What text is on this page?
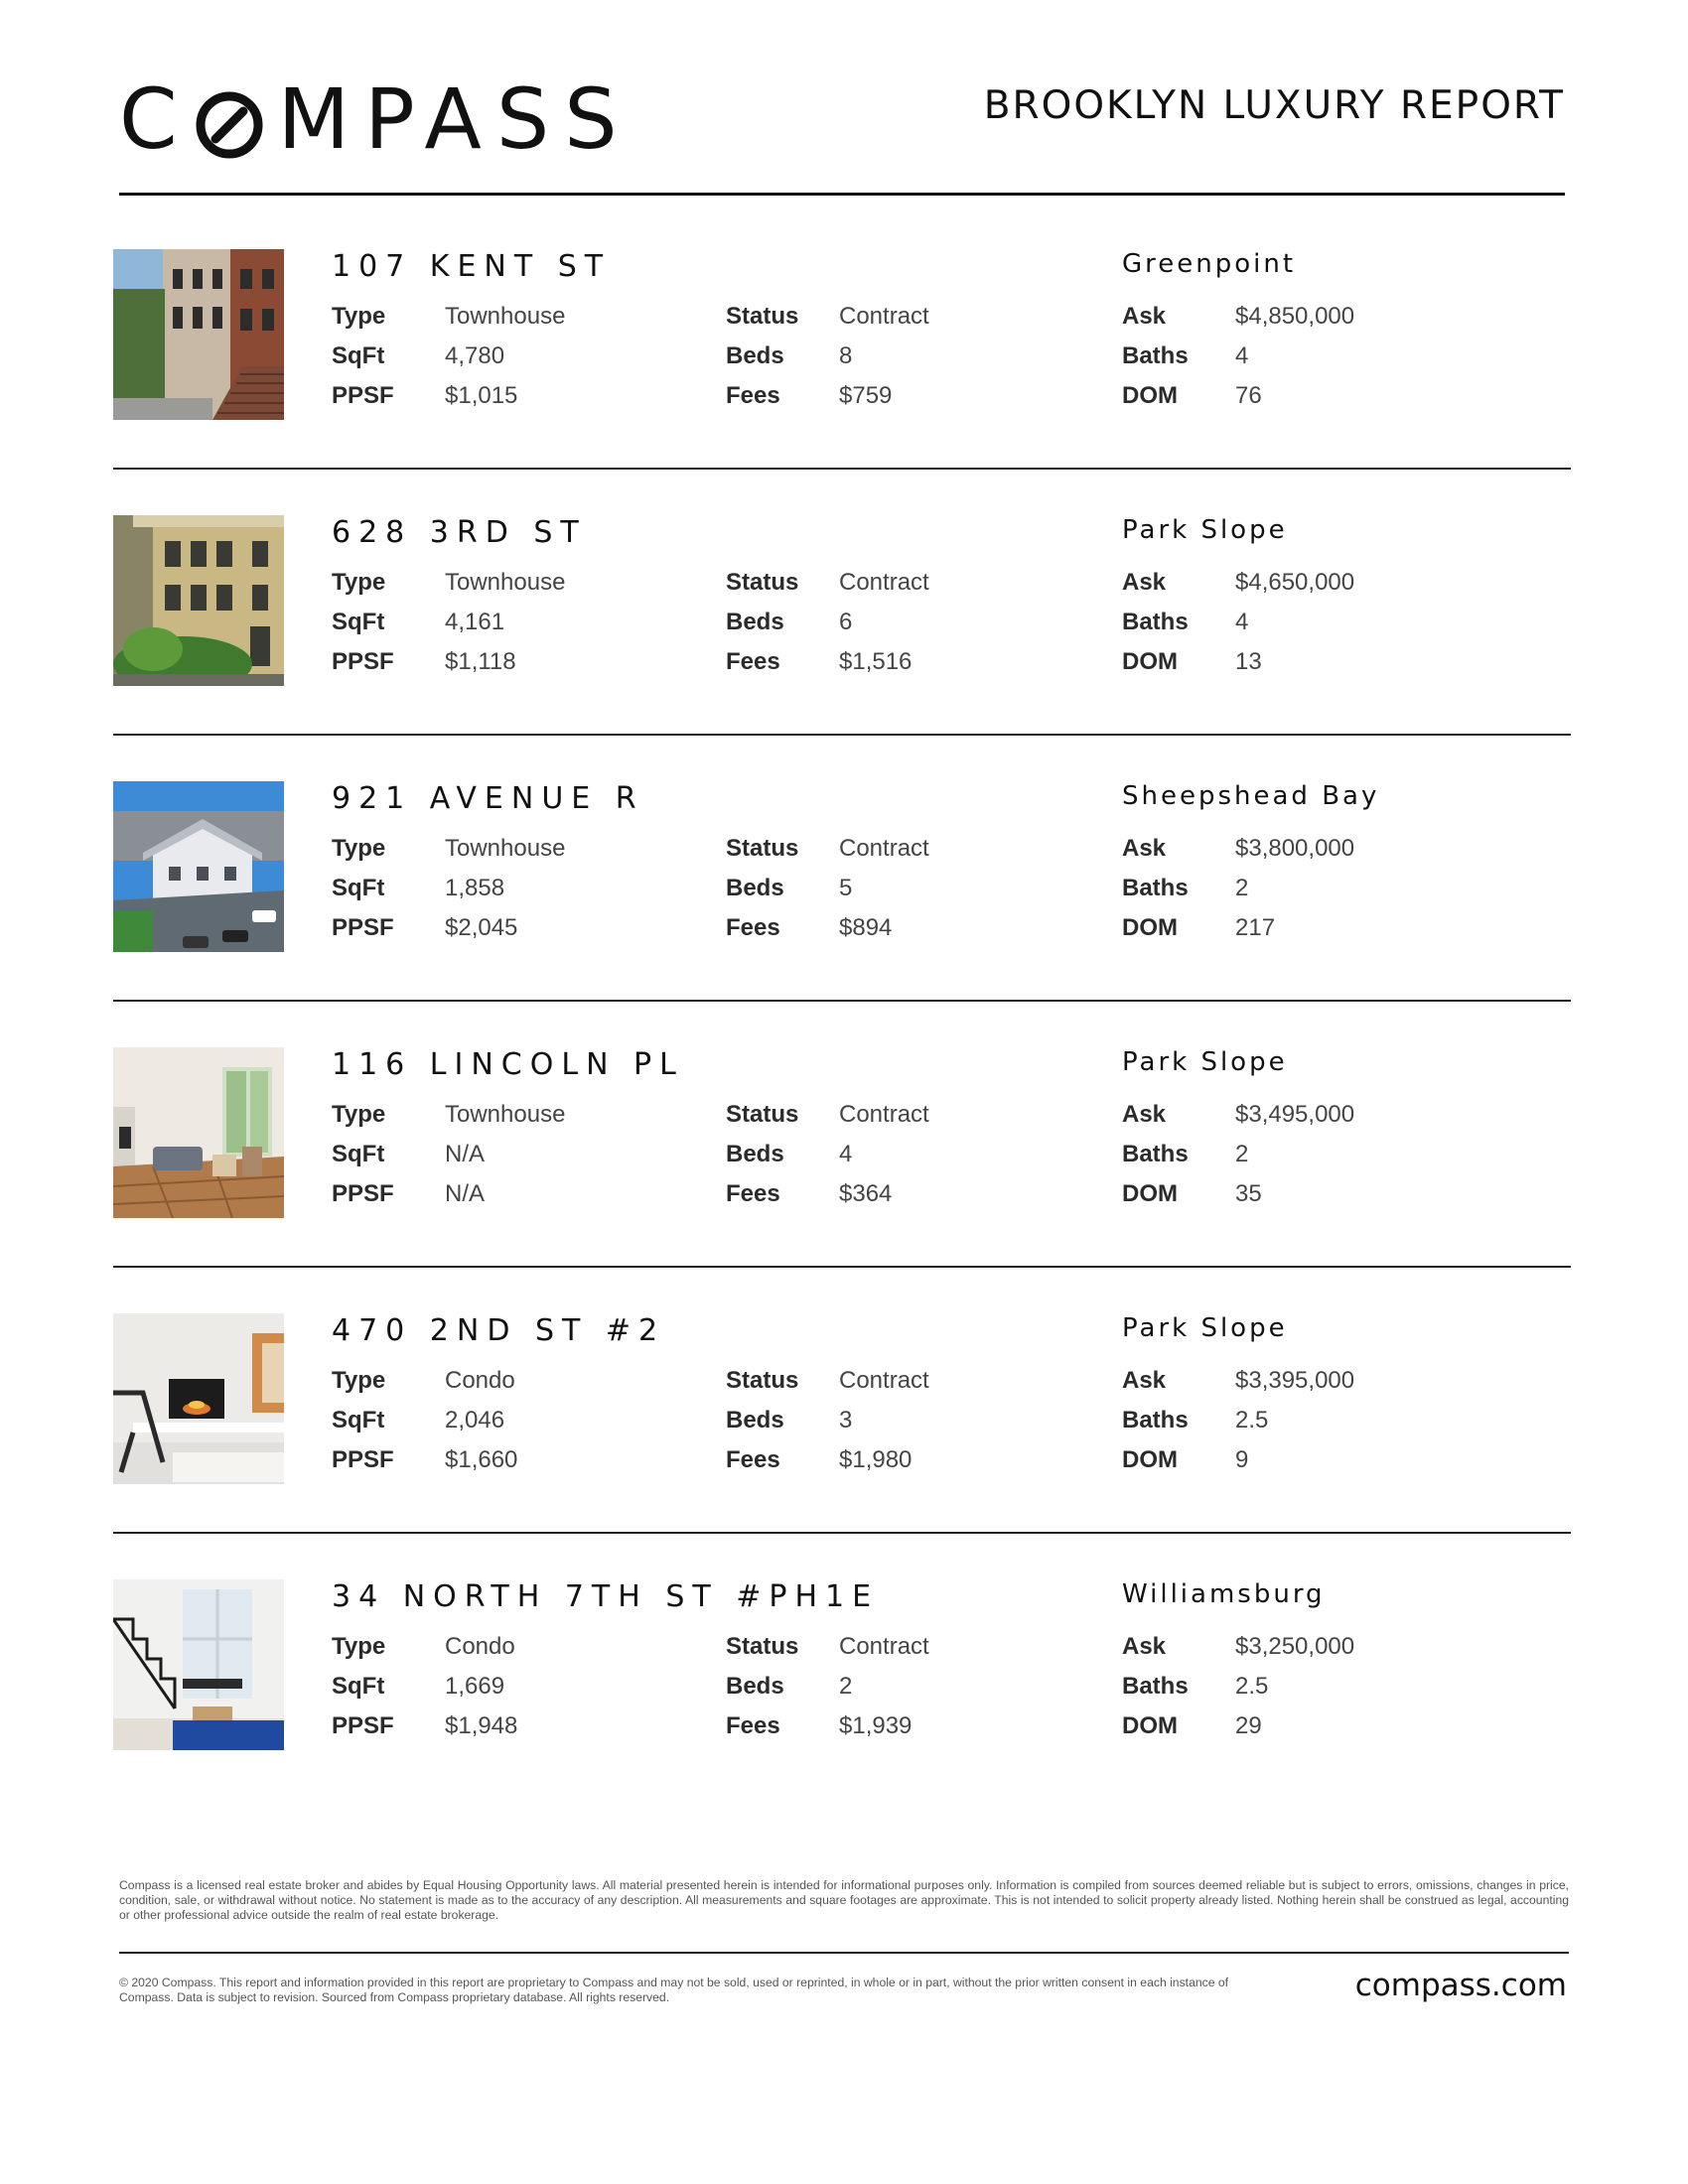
C MPASS	BROOKLYN LUXURY REPORT
107 KENT ST	Greenpoint
Type Townhouse
SqFt	4,780
PPSF $1,015
Status Contract
Beds 8
Fees $759
Ask	$4,850,000
Baths 4
DOM 76
628 3RD ST	Park Slope
Type Townhouse
SqFt	4,161
PPSF $1,118
Status Contract
Beds 6
Fees $1,516
Ask	$4,650,000
Baths 4
DOM 13
921 AVENUE R	Sheepshead Bay
Type Townhouse
SqFt	1,858
PPSF $2,045
Status Contract
Beds 5
Fees $894
Ask	$3,800,000
Baths 2
DOM 217
116 LINCOLN PL	Park Slope
Type Townhouse
SqFt	N/A
PPSF N/A
Status Contract
Beds 4
Fees $364
Ask	$3,495,000
Baths 2
DOM 35
470 2ND ST #2	Park Slope
Type Condo
SqFt	2,046
PPSF $1,660
Status Contract
Beds 3
Fees $1,980
Ask	$3,395,000
Baths 2.5
DOM 9
34 NORTH 7TH ST #PH1E	Williamsburg
Type Condo
SqFt	1,669
PPSF $1,948
Status Contract
Beds 2
Fees $1,939
Ask	$3,250,000
Baths 2.5
DOM 29
Compass is a licensed real estate broker and abides by Equal Housing Opportunity laws. All material presented herein is intended for informational purposes only. Information is compiled from sources deemed reliable but is subject to errors, omissions, changes in price, condition, sale, or withdrawal without notice. No statement is made as to the accuracy of any description. All measurements and square footages are approximate. This is not intended to solicit property already listed. Nothing herein shall be construed as legal, accounting or other professional advice outside the realm of real estate brokerage.
© 2020 Compass. This report and information provided in this report are proprietary to Compass and may not be sold, used or reprinted, in whole or in part, without the prior written consent in each instance of Compass. Data is subject to revision. Sourced from Compass proprietary database. All rights reserved.	compass.com
